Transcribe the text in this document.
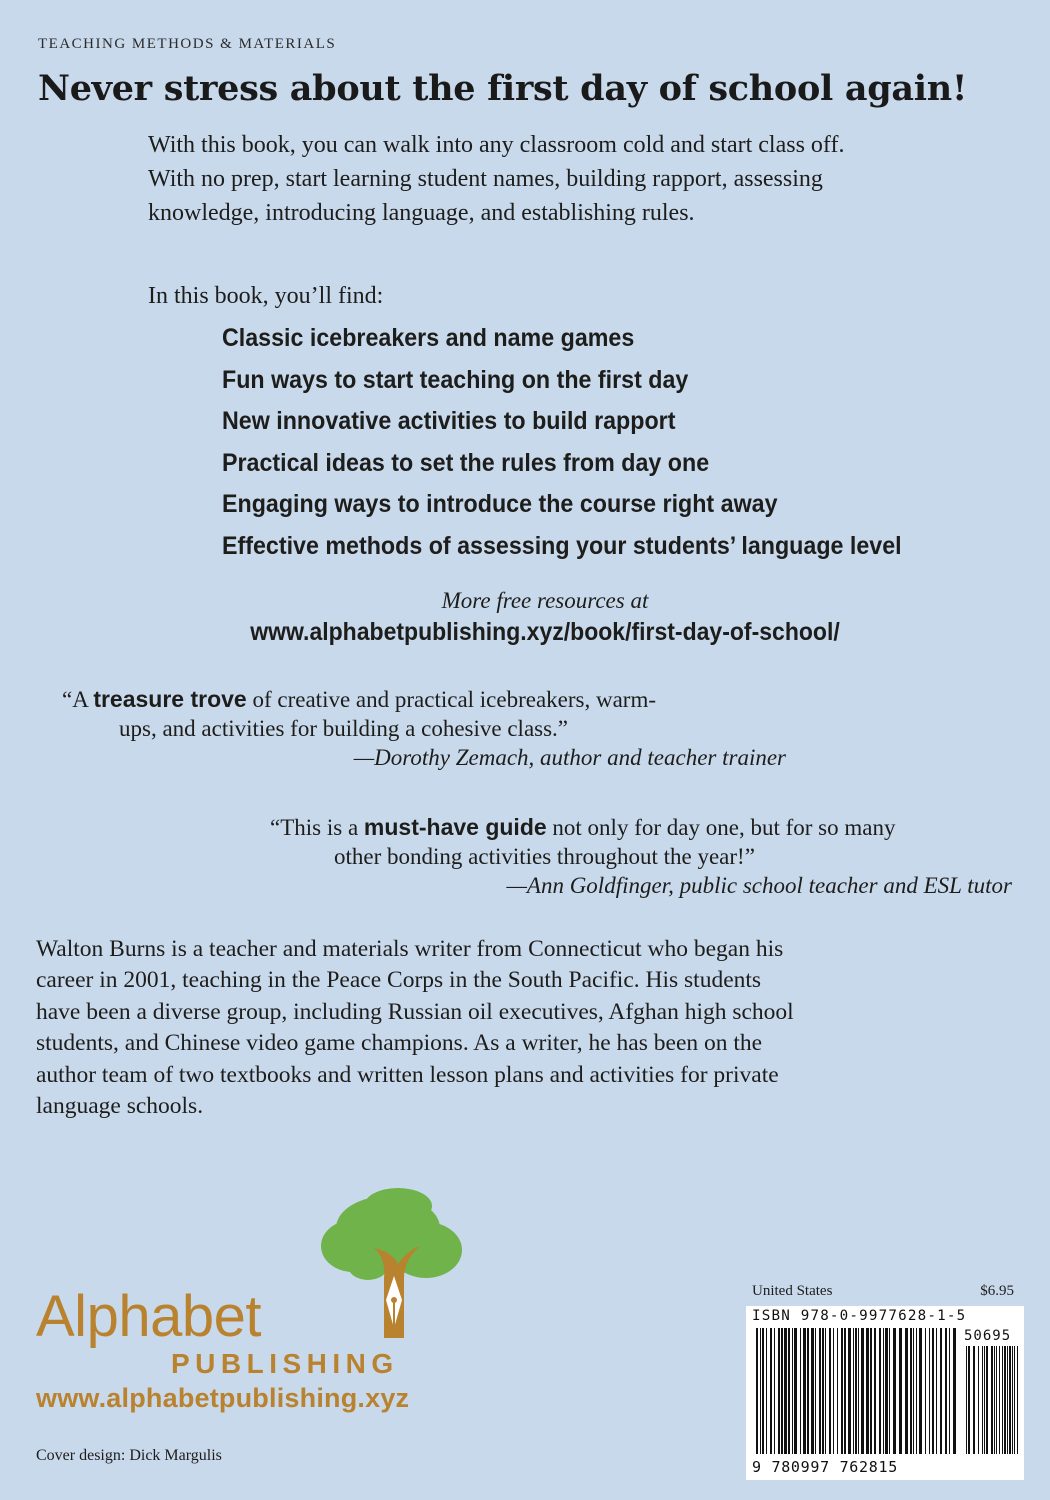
TEACHING METHODS & MATERIALS
Never stress about the first day of school again!

With this book, you can walk into any classroom cold and start class off. With no prep, start learning student names, building rapport, assessing knowledge, introducing language, and establishing rules.

In this book, you’ll find:

Classic icebreakers and name games
Fun ways to start teaching on the first day
New innovative activities to build rapport
Practical ideas to set the rules from day one
Engaging ways to introduce the course right away
Effective methods of assessing your students’ language level
More free resources at
www.alphabetpublishing.xyz/book/first-day-of-school/
“A treasure trove of creative and practical icebreakers, warm-
ups, and activities for building a cohesive class.”
—Dorothy Zemach, author and teacher trainer
“This is a must-have guide not only for day one, but for so many
other bonding activities throughout the year!”
—Ann Goldfinger, public school teacher and ESL tutor

Walton Burns is a teacher and materials writer from Connecticut who began his career in 2001, teaching in the Peace Corps in the South Pacific. His students have been a diverse group, including Russian oil executives, Afghan high school students, and Chinese video game champions. As a writer, he has been on the author team of two textbooks and written lesson plans and activities for private language schools.

Alphabet
PUBLISHING
www.alphabetpublishing.xyz
Cover design: Dick Margulis
United States	$6.95
ISBN 978-0-9977628-1-5
50695
9 780997 762815
